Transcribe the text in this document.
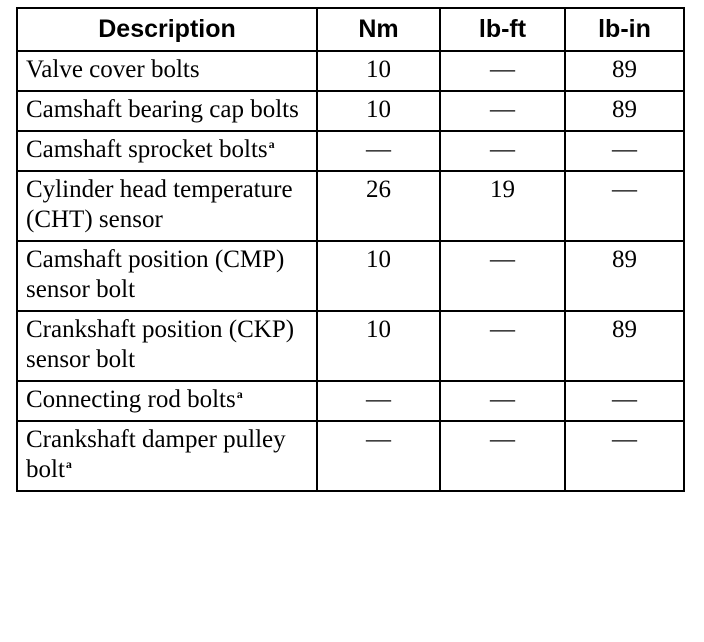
Description	Nm	lb-ft	lb-in
Valve cover bolts	10	—	89
Camshaft bearing cap bolts	10	—	89
Camshaft sprocket bolts$^a$	—	—	—
Cylinder head temperature (CHT) sensor	26	19	—
Camshaft position (CMP) sensor bolt	10	—	89
Crankshaft position (CKP) sensor bolt	10	—	89
Connecting rod bolts$^a$	—	—	—
Crankshaft damper pulley bolt$^a$	—	—	—
